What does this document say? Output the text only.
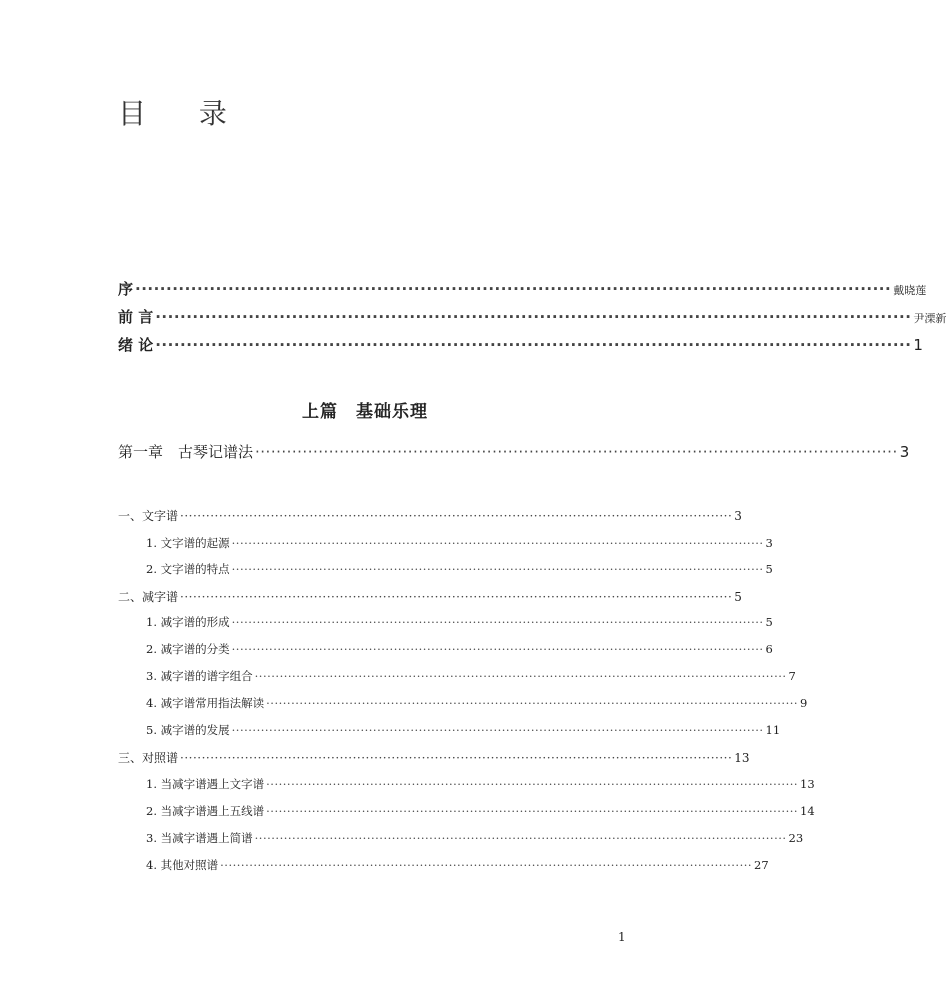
目 录
序 ·························································································································· 戴晓莲
前 言 ·························································································································· 尹溧新
绪 论 ·························································································································· 1
上篇　基础乐理
第一章　古琴记谱法 ·························································································································· 3
一、文字谱 ································································································································ 3
1. 文字谱的起源 ································································································································ 3
2. 文字谱的特点 ································································································································ 5
二、减字谱 ································································································································ 5
1. 减字谱的形成 ································································································································ 5
2. 减字谱的分类 ································································································································ 6
3. 减字谱的谱字组合 ································································································································ 7
4. 减字谱常用指法解读 ································································································································ 9
5. 减字谱的发展 ································································································································ 11
三、对照谱 ································································································································ 13
1. 当减字谱遇上文字谱 ································································································································ 13
2. 当减字谱遇上五线谱 ································································································································ 14
3. 当减字谱遇上简谱 ································································································································ 23
4. 其他对照谱 ································································································································ 27
1
